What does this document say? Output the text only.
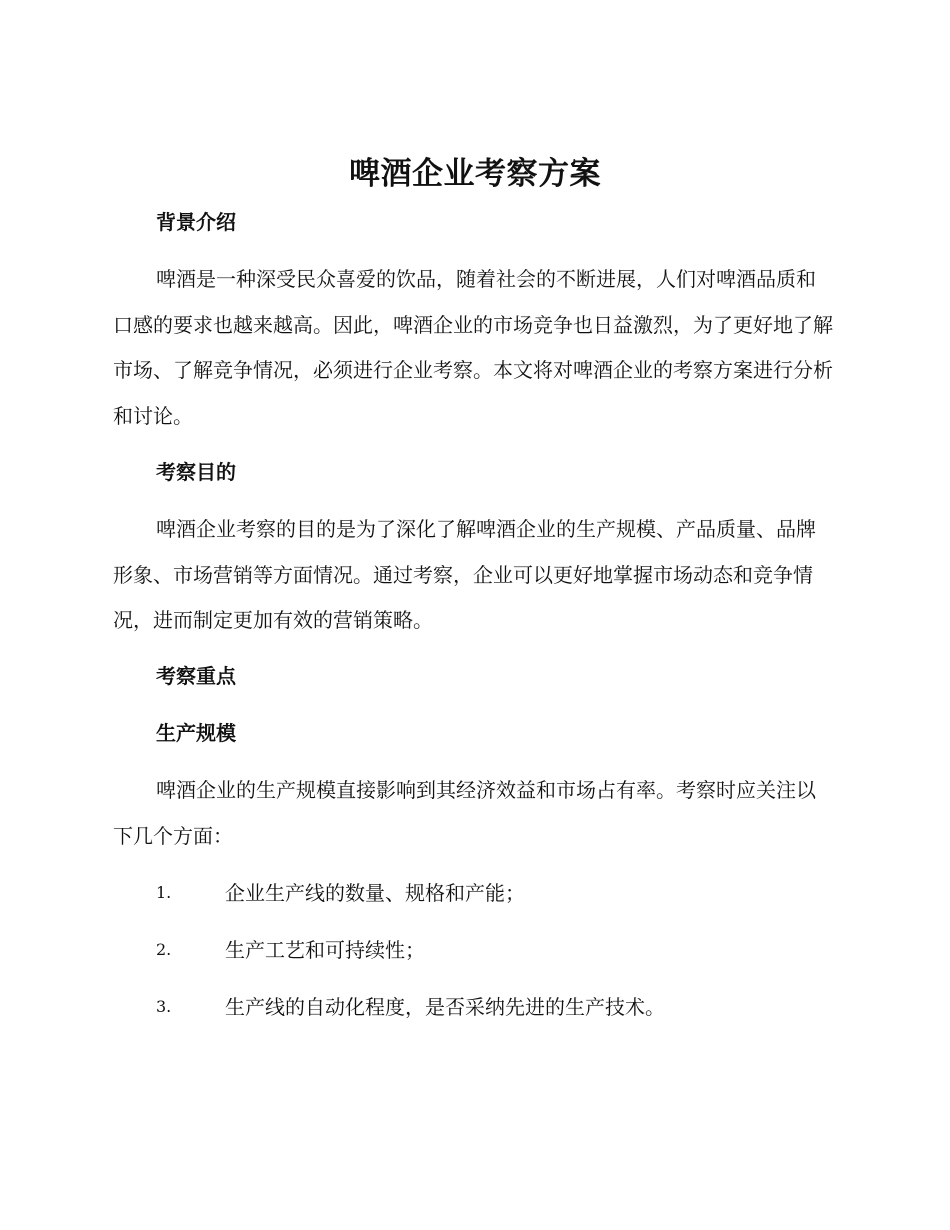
啤酒企业考察方案
背景介绍
啤酒是一种深受民众喜爱的饮品，随着社会的不断进展，人们对啤酒品质和口感的要求也越来越高。因此，啤酒企业的市场竞争也日益激烈，为了更好地了解市场、了解竞争情况，必须进行企业考察。本文将对啤酒企业的考察方案进行分析和讨论。
考察目的
啤酒企业考察的目的是为了深化了解啤酒企业的生产规模、产品质量、品牌形象、市场营销等方面情况。通过考察，企业可以更好地掌握市场动态和竞争情况，进而制定更加有效的营销策略。
考察重点
生产规模
啤酒企业的生产规模直接影响到其经济效益和市场占有率。考察时应关注以下几个方面：
1.	企业生产线的数量、规格和产能；
2.	生产工艺和可持续性；
3.	生产线的自动化程度，是否采纳先进的生产技术。
